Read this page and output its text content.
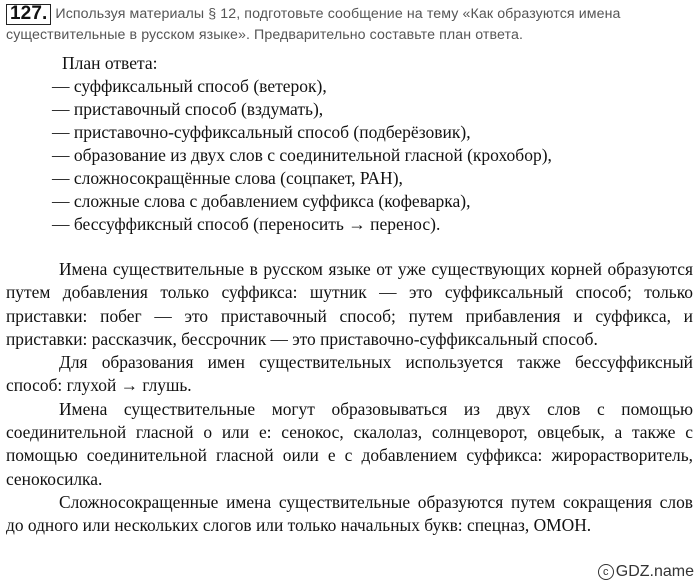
127. Используя материалы § 12, подготовьте сообщение на тему «Как образуются имена существительные в русском языке». Предварительно составьте план ответа.
План ответа:
— суффиксальный способ (ветерок),
— приставочный способ (вздумать),
— приставочно-суффиксальный способ (подберёзовик),
— образование из двух слов с соединительной гласной (крохобор),
— сложносокращённые слова (соцпакет, РАН),
— сложные слова с добавлением суффикса (кофеварка),
— бессуффиксный способ (переносить → перенос).

Имена существительные в русском языке от уже существующих корней образуются путем добавления только суффикса: шутник — это суффиксальный способ; только приставки: побег — это приставочный способ; путем прибавления и суффикса, и приставки: рассказчик, бессрочник — это приставочно-суффиксальный способ.

Для образования имен существительных используется также бессуффиксный способ: глухой → глушь.

Имена существительные могут образовываться из двух слов с помощью соединительной гласной о или е: сенокос, скалолаз, солнцеворот, овцебык, а также с помощью соединительной гласной оили е с добавлением суффикса: жирорастворитель, сенокосилка.

Сложносокращенные имена существительные образуются путем сокращения слов до одного или нескольких слогов или только начальных букв: спецназ, ОМОН.

c GDZ.name
